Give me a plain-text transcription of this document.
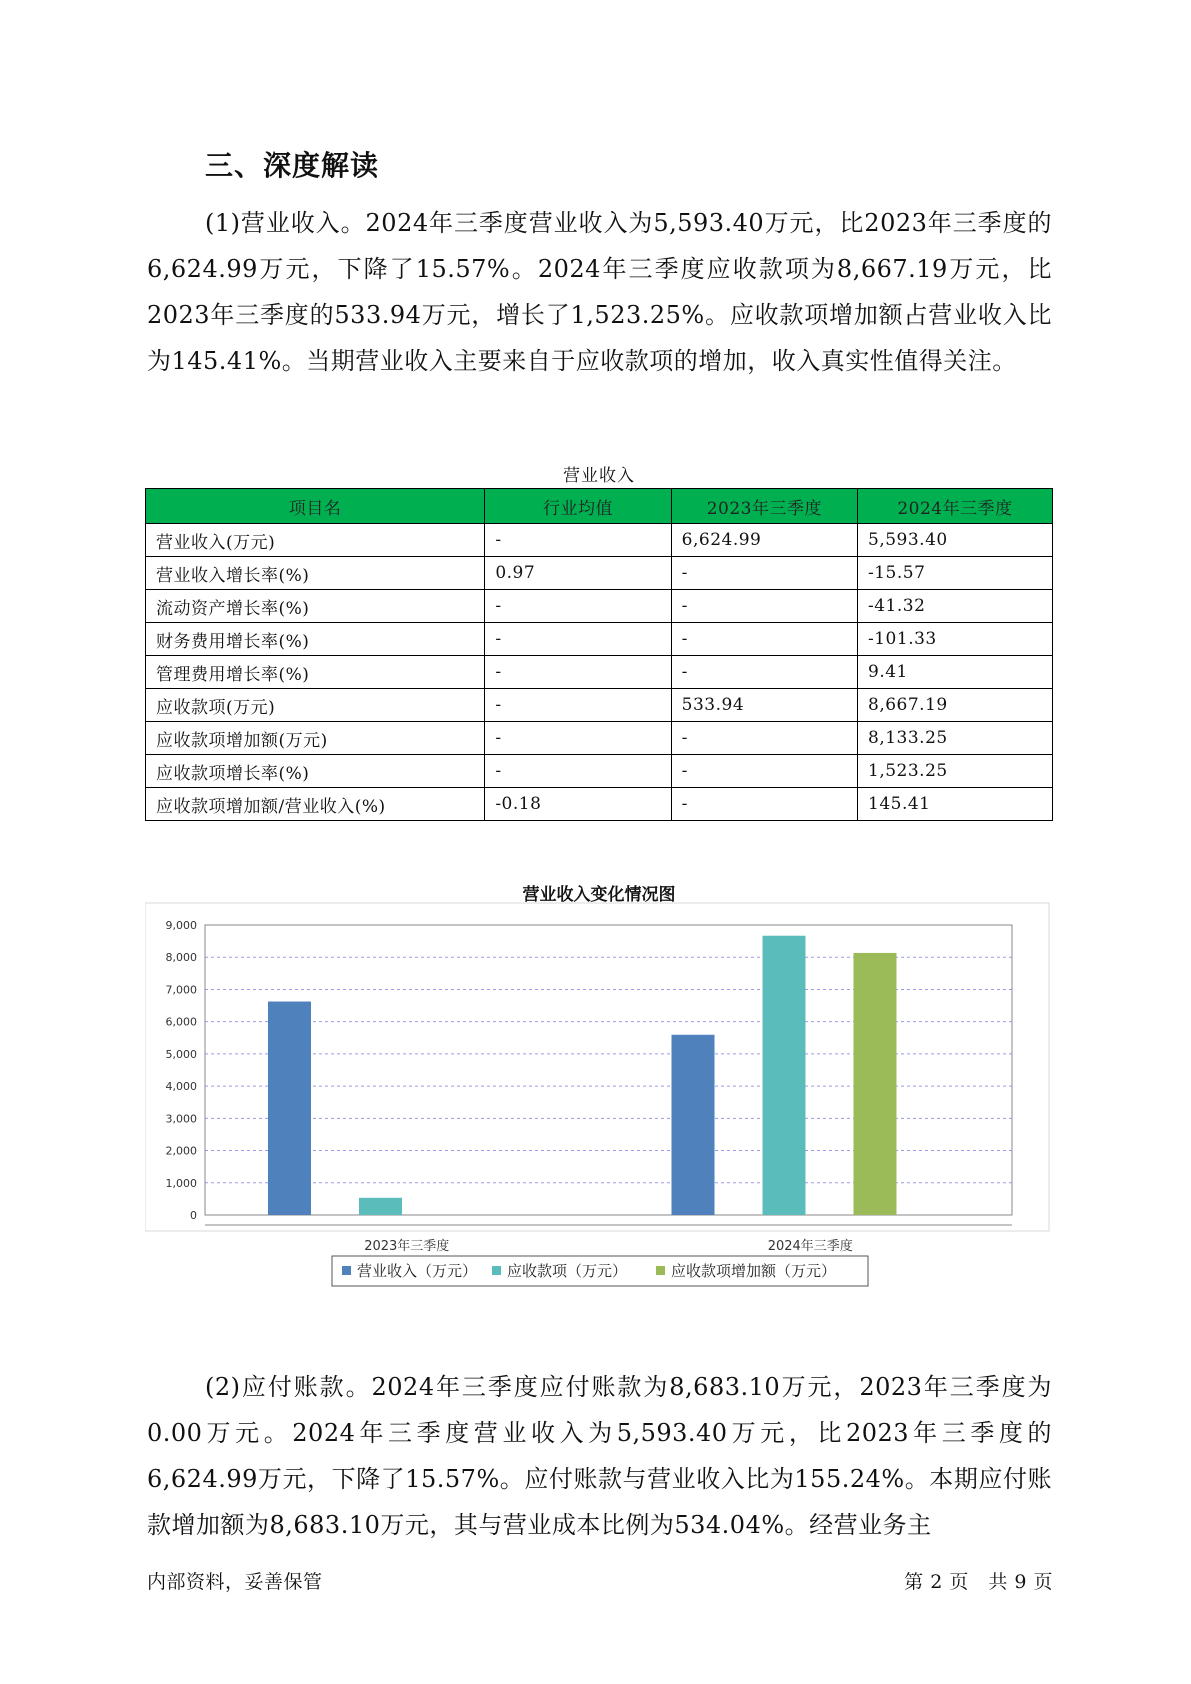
三、深度解读

(1)营业收入。2024年三季度营业收入为5,593.40万元，比2023年三季度的6,624.99万元，下降了15.57%。2024年三季度应收款项为8,667.19万元，比2023年三季度的533.94万元，增长了1,523.25%。应收款项增加额占营业收入比为145.41%。当期营业收入主要来自于应收款项的增加，收入真实性值得关注。

营业收入
项目名	行业均值	2023年三季度	2024年三季度
营业收入(万元)	-	6,624.99	5,593.40
营业收入增长率(%)	0.97	-	-15.57
流动资产增长率(%)	-	-	-41.32
财务费用增长率(%)	-	-	-101.33
管理费用增长率(%)	-	-	9.41
应收款项(万元)	-	533.94	8,667.19
应收款项增加额(万元)	-	-	8,133.25
应收款项增长率(%)	-	-	1,523.25
应收款项增加额/营业收入(%)	-0.18	-	145.41
营业收入变化情况图
0
1,000
2,000
3,000
4,000
5,000
6,000
7,000
8,000
9,000
2023年三季度	2024年三季度
营业收入（万元） 应收款项（万元）	应收款项增加额（万元）

(2)应付账款。2024年三季度应付账款为8,683.10万元，2023年三季度为0.00万元。2024年三季度营业收入为5,593.40万元，比2023年三季度的6,624.99万元，下降了15.57%。应付账款与营业收入比为155.24%。本期应付账款增加额为8,683.10万元，其与营业成本比例为534.04%。经营业务主

内部资料，妥善保管	第 2 页　共 9 页
